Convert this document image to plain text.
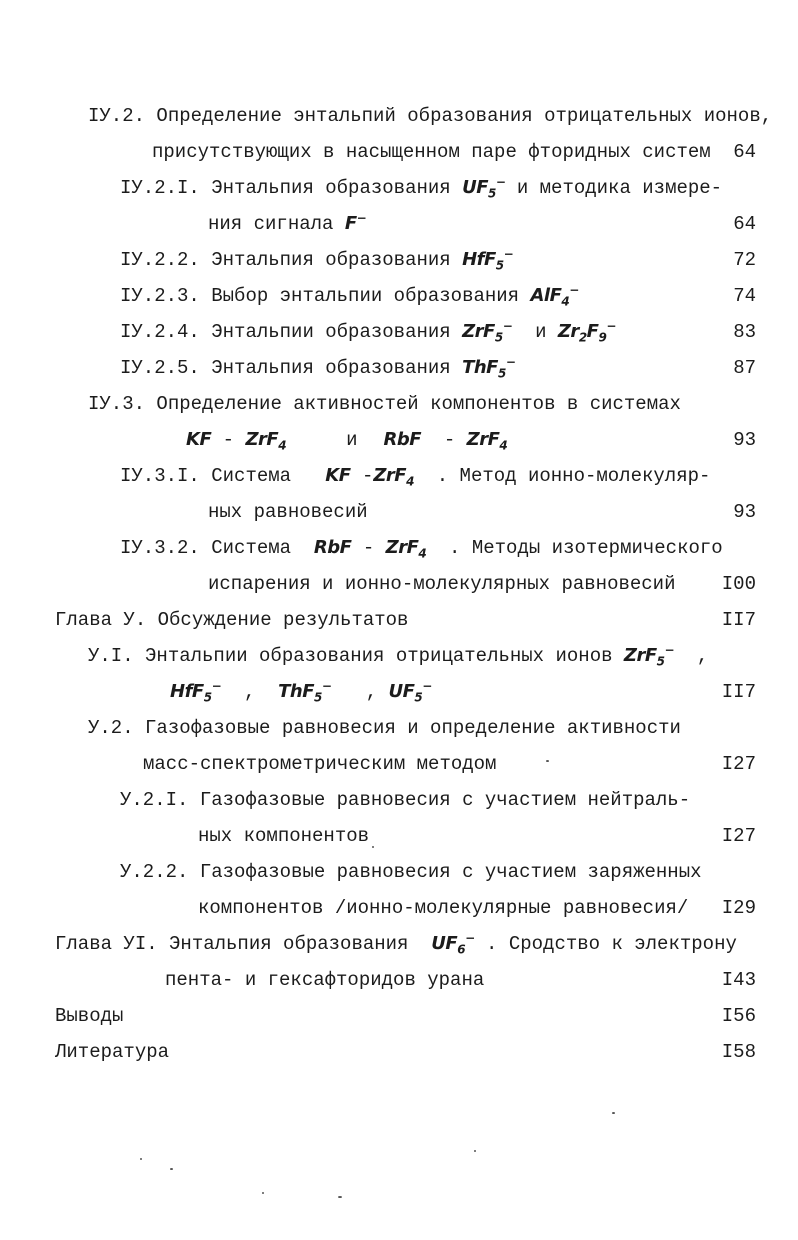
IУ.2. Определение энтальпий образования отрицательных ионов,
присутствующих в насыщенном паре фторидных систем 64
IУ.2.I. Энтальпия образования $UF_5^-$ и методика измере-
ния сигнала F−	64
IУ.2.2. Энтальпия образования HfF$_5$−	72
IУ.2.3. Выбор энтальпии образования AlF$_4$−	74
IУ.2.4. Энтальпии образования ZrF$_5$− и $Zr_2F_9^-$	83
IУ.2.5. Энтальпия образования ThF$_5$−	87
IУ.3. Определение активностей компонентов в системах
KF - ZrF$_4$	и RbF - ZrF$_4$	93
IУ.3.I. Система KF -ZrF$_4$ . Метод ионно-молекуляр-
ных равновесий	93
IУ.3.2. Система RbF - ZrF$_4$ . Методы изотермического
испарения и ионно-молекулярных равновесий I00
Глава У. Обсуждение результатов	II7
У.I. Энтальпии образования отрицательных ионов ZrF$_5$− ,
HfF$_5$− , ThF$_5$− , $UF_5^-$	II7
У.2. Газофазовые равновесия и определение активности
масс-спектрометрическим методом	I27
У.2.I. Газофазовые равновесия с участием нейтраль-
ных компонентов	I27
У.2.2. Газофазовые равновесия с участием заряженных
компонентов /ионно-молекулярные равновесия/ I29
Глава УI. Энтальпия образования $UF_6^-$ . Сродство к электрону
пента- и гексафторидов урана	I43
Выводы	I56
Литература	I58
